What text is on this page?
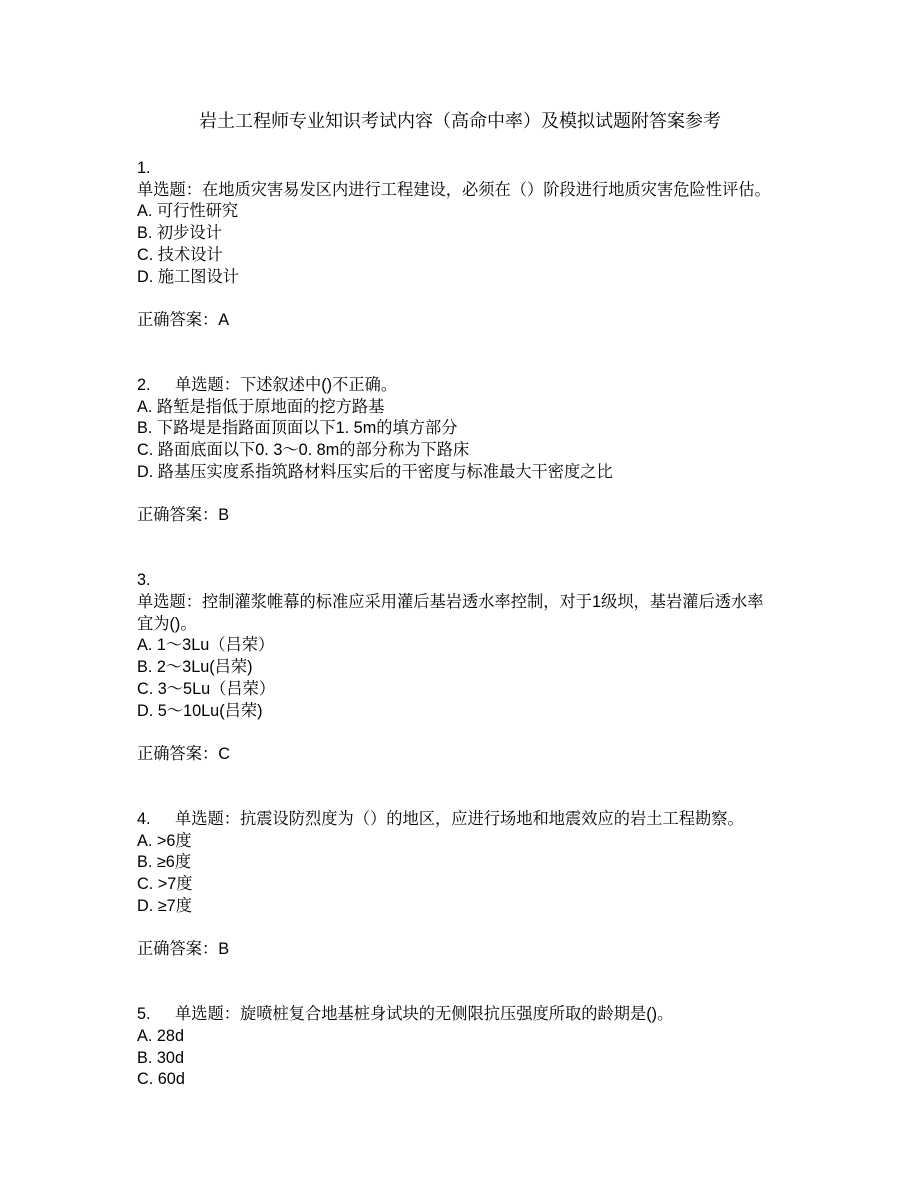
岩土工程师专业知识考试内容（高命中率）及模拟试题附答案参考
1.
单选题：在地质灾害易发区内进行工程建设，必须在（）阶段进行地质灾害危险性评估。
A. 可行性研究
B. 初步设计
C. 技术设计
D. 施工图设计
正确答案：A
2. 单选题：下述叙述中()不正确。
A. 路堑是指低于原地面的挖方路基
B. 下路堤是指路面顶面以下1. 5m的填方部分
C. 路面底面以下0. 3～0. 8m的部分称为下路床
D. 路基压实度系指筑路材料压实后的干密度与标准最大干密度之比
正确答案：B
3.
单选题：控制灌浆帷幕的标准应采用灌后基岩透水率控制，对于1级坝，基岩灌后透水率宜为()。
A. 1～3Lu（吕荣）
B. 2～3Lu(吕荣)
C. 3～5Lu（吕荣）
D. 5～10Lu(吕荣)
正确答案：C
4. 单选题：抗震设防烈度为（）的地区，应进行场地和地震效应的岩土工程勘察。
A. >6度
B. ≥6度
C. >7度
D. ≥7度
正确答案：B
5. 单选题：旋喷桩复合地基桩身试块的无侧限抗压强度所取的龄期是()。
A. 28d
B. 30d
C. 60d
